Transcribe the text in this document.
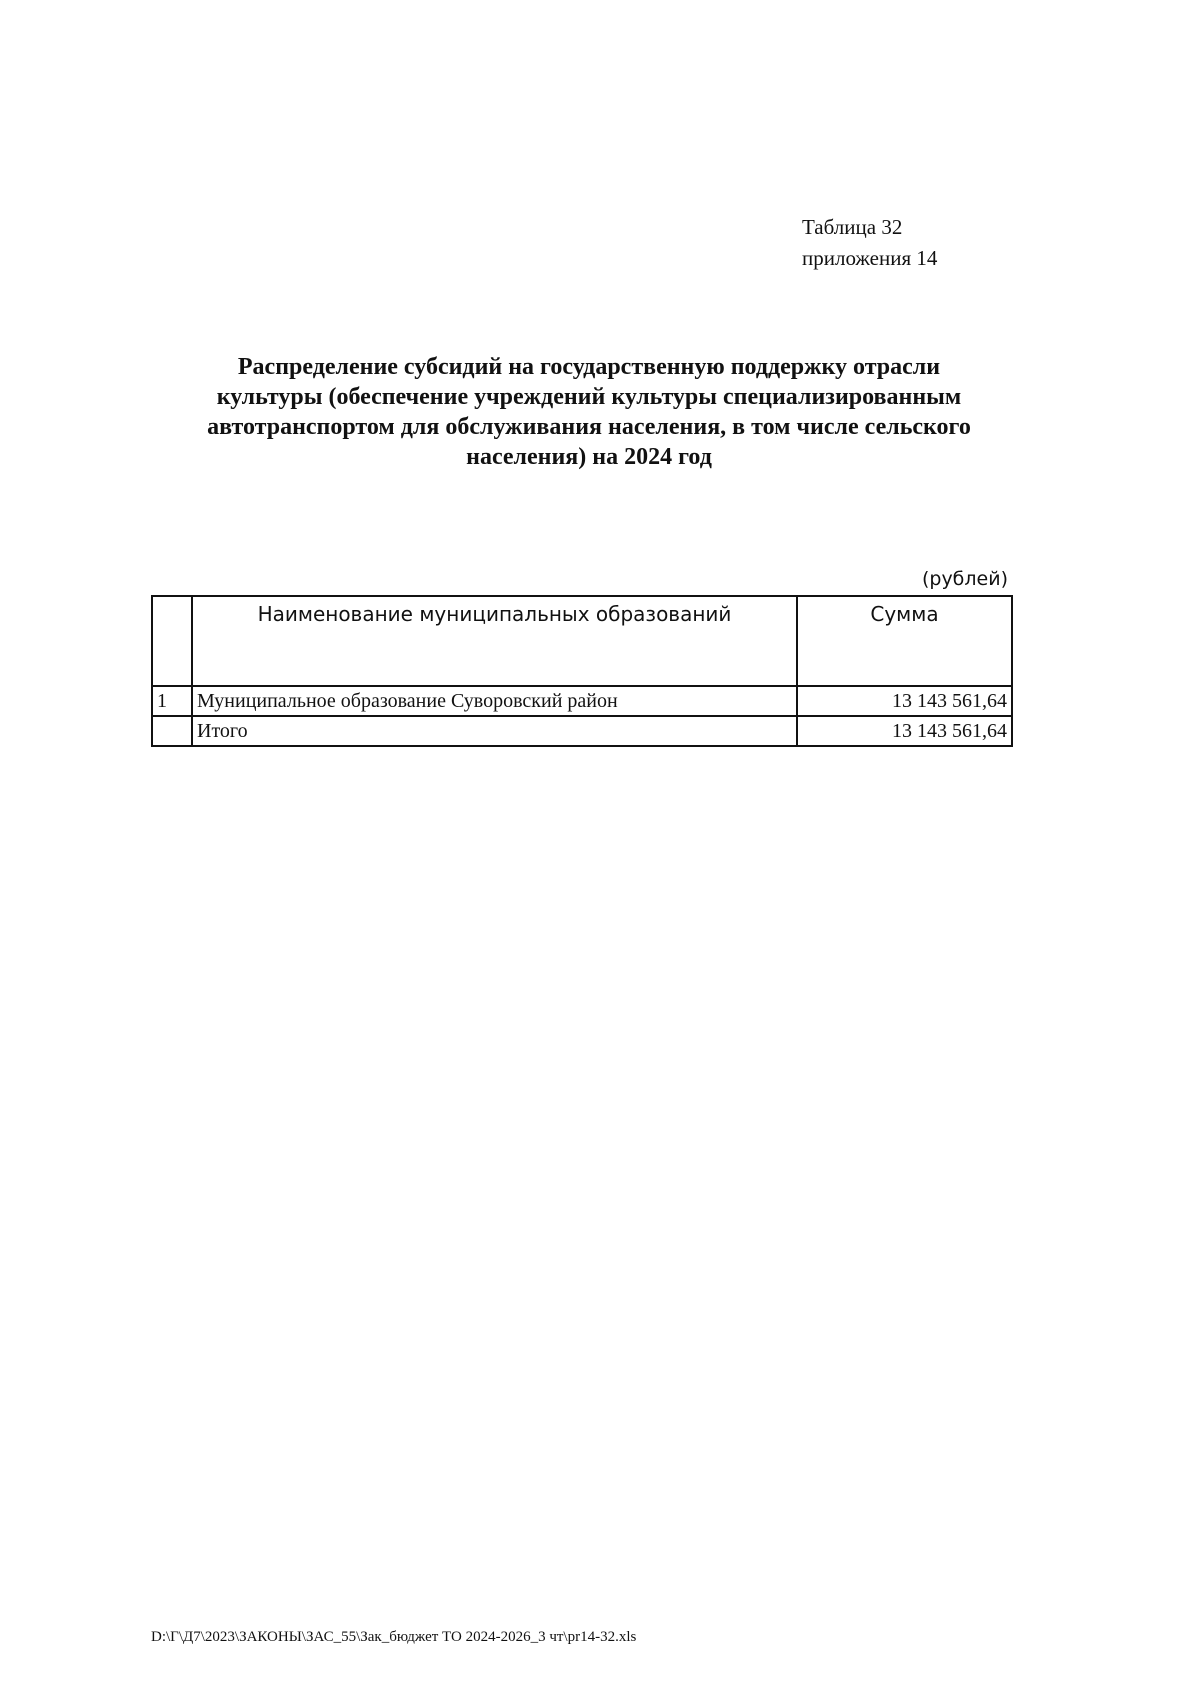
Таблица 32
приложения 14
Распределение субсидий на государственную поддержку отрасли
культуры (обеспечение учреждений культуры специализированным
автотранспортом для обслуживания населения, в том числе сельского
населения) на 2024 год
(рублей)
	Наименование муниципальных образований	Сумма
1	Муниципальное образование Суворовский район	13 143 561,64
	Итого	13 143 561,64
D:\Г\Д7\2023\ЗАКОНЫ\ЗАС_55\Зак_бюджет ТО 2024-2026_3 чт\pr14-32.xls
